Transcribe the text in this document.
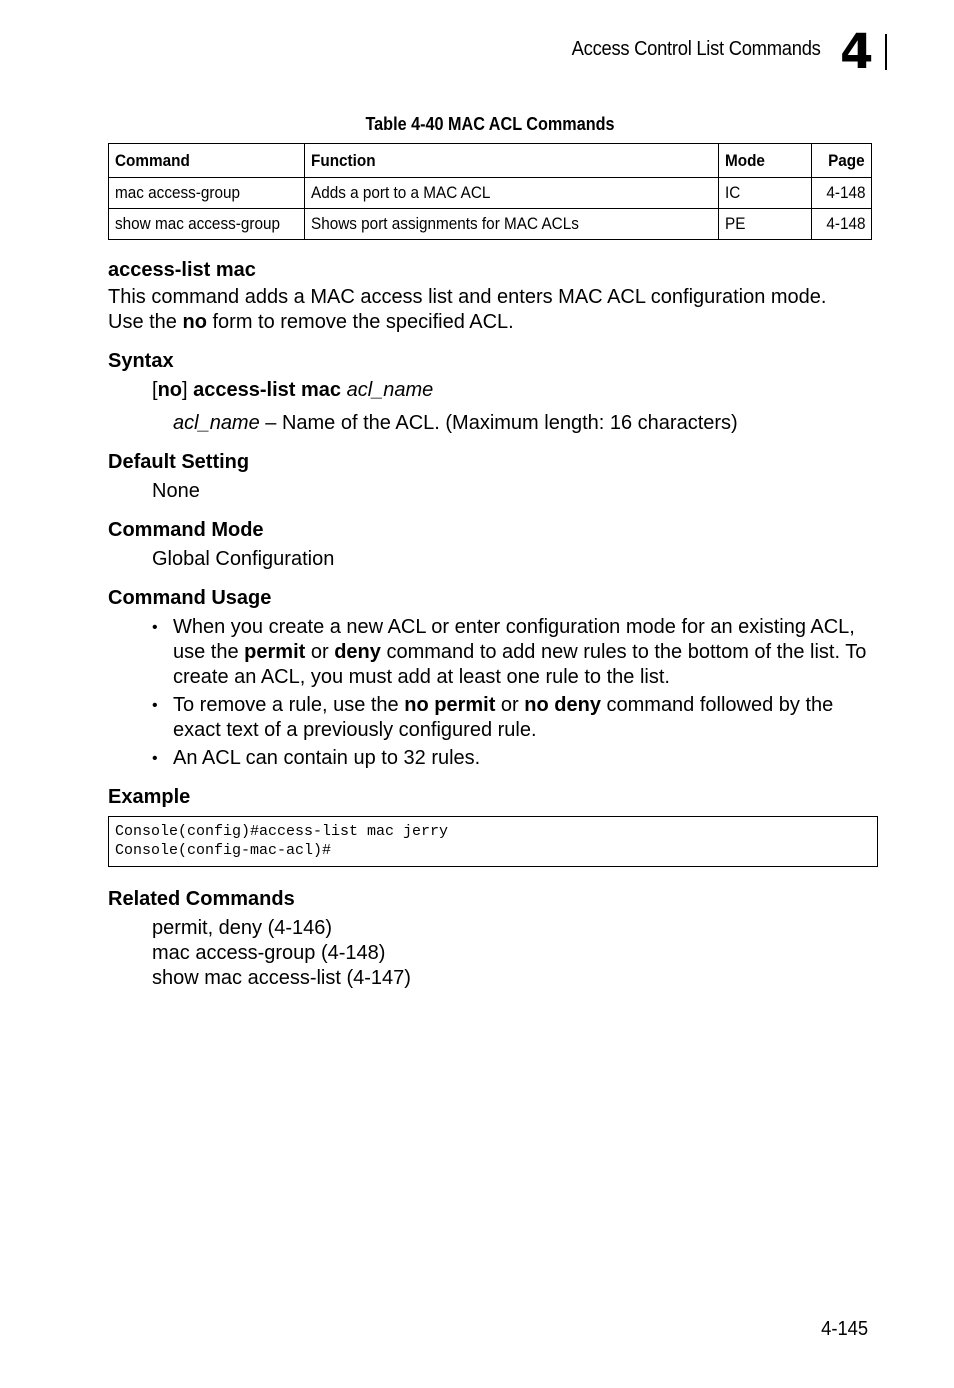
Access Control List Commands 4
Table 4-40 MAC ACL Commands
Command	Function	Mode	Page
mac access-group	Adds a port to a MAC ACL	IC	4-148
show mac access-group	Shows port assignments for MAC ACLs	PE	4-148
access-list mac

This command adds a MAC access list and enters MAC ACL configuration mode.
Use the no form to remove the specified ACL.

Syntax

[no] access-list mac acl_name

acl_name – Name of the ACL. (Maximum length: 16 characters)

Default Setting

None

Command Mode

Global Configuration

Command Usage
• When you create a new ACL or enter configuration mode for an existing ACL, use the permit or deny command to add new rules to the bottom of the list. To create an ACL, you must add at least one rule to the list.
• To remove a rule, use the no permit or no deny command followed by the exact text of a previously configured rule.
• An ACL can contain up to 32 rules.
Example
Console(config)#access-list mac jerry
Console(config-mac-acl)#
Related Commands
permit, deny (4-146)
mac access-group (4-148)
show mac access-list (4-147)
4-145
